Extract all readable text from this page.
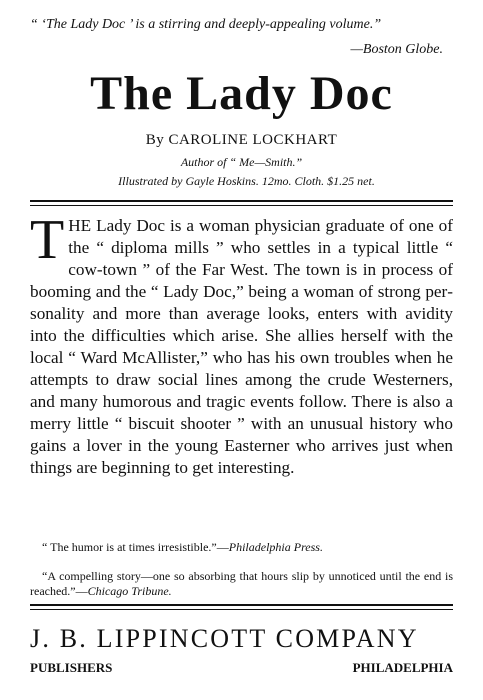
“ ‘The Lady Doc ’ is a stirring and deeply-appealing volume.”
—Boston Globe.
The Lady Doc
By CAROLINE LOCKHART
Author of “ Me—Smith.”
Illustrated by Gayle Hoskins. 12mo. Cloth. $1.25 net.
THE Lady Doc is a woman physician graduate of one of the “ diploma mills ” who settles in a typical little “ cow-town ” of the Far West. The town is in process of booming and the “ Lady Doc,” being a woman of strong personality and more than average looks, enters with avidity into the difficulties which arise. She allies herself with the local “ Ward McAllister,” who has his own troubles when he attempts to draw social lines among the crude Westerners, and many humorous and tragic events follow. There is also a merry little “ biscuit shooter ” with an unusual history who gains a lover in the young Easterner who arrives just when things are beginning to get interesting.
“ The humor is at times irresistible.”—Philadelphia Press.
“A compelling story—one so absorbing that hours slip by unnoticed until the end is reached.”—Chicago Tribune.
J. B. LIPPINCOTT COMPANY
PUBLISHERS	PHILADELPHIA
